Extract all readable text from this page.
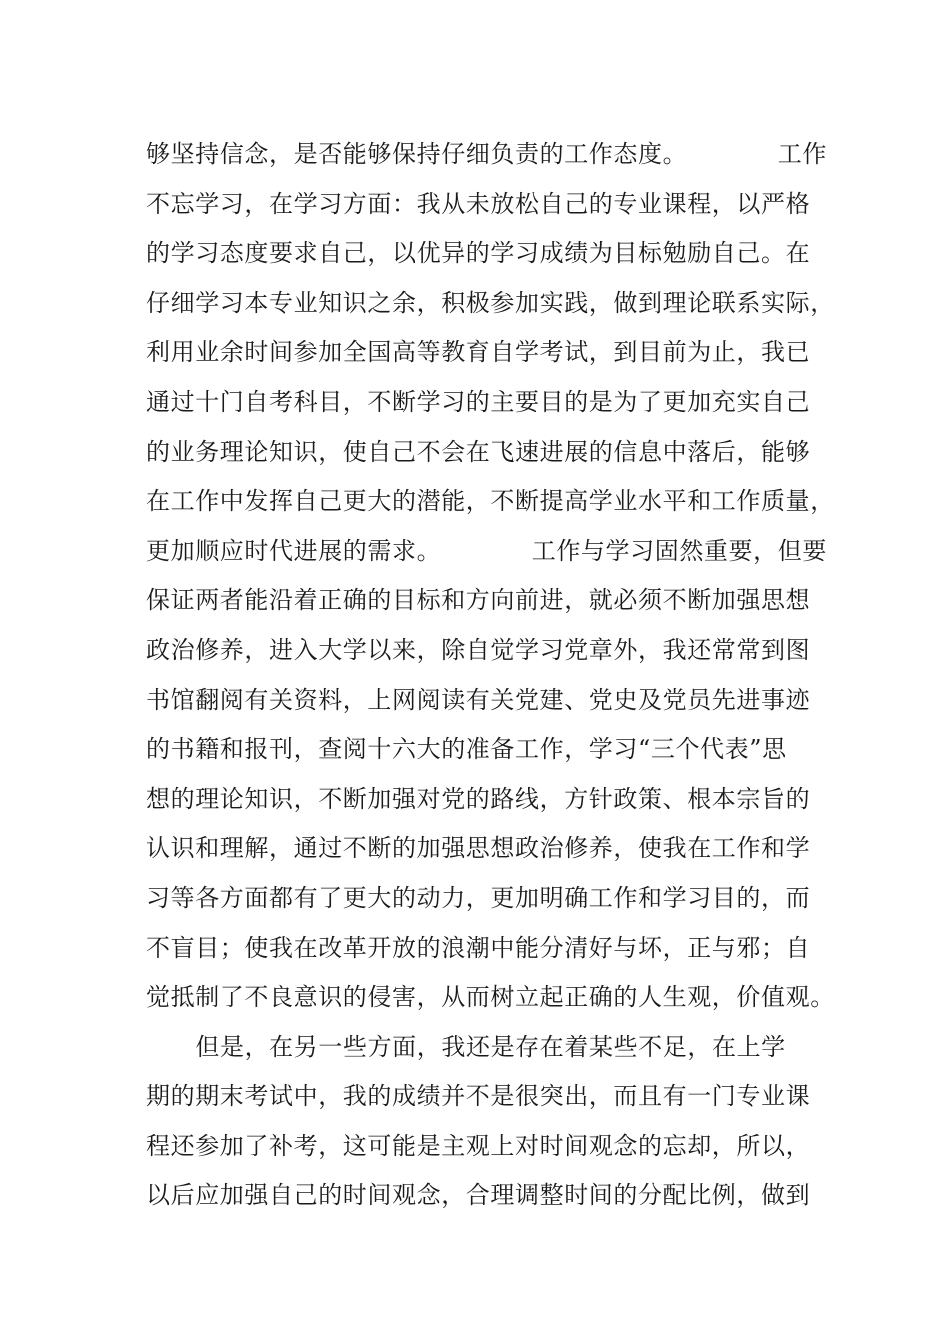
够坚持信念，是否能够保持仔细负责的工作态度。           工作
不忘学习，在学习方面：我从未放松自己的专业课程，以严格
的学习态度要求自己，以优异的学习成绩为目标勉励自己。在
仔细学习本专业知识之余，积极参加实践，做到理论联系实际，
利用业余时间参加全国高等教育自学考试，到目前为止，我已
通过十门自考科目，不断学习的主要目的是为了更加充实自己
的业务理论知识，使自己不会在飞速进展的信息中落后，能够
在工作中发挥自己更大的潜能，不断提高学业水平和工作质量，
更加顺应时代进展的需求。           工作与学习固然重要，但要
保证两者能沿着正确的目标和方向前进，就必须不断加强思想
政治修养，进入大学以来，除自觉学习党章外，我还常常到图
书馆翻阅有关资料，上网阅读有关党建、党史及党员先进事迹
的书籍和报刊，查阅十六大的准备工作，学习“三个代表”思
想的理论知识，不断加强对党的路线，方针政策、根本宗旨的
认识和理解，通过不断的加强思想政治修养，使我在工作和学
习等各方面都有了更大的动力，更加明确工作和学习目的，而
不盲目；使我在改革开放的浪潮中能分清好与坏，正与邪；自
觉抵制了不良意识的侵害，从而树立起正确的人生观，价值观。
但是，在另一些方面，我还是存在着某些不足，在上学
期的期末考试中，我的成绩并不是很突出，而且有一门专业课
程还参加了补考，这可能是主观上对时间观念的忘却，所以，
以后应加强自己的时间观念，合理调整时间的分配比例，做到
